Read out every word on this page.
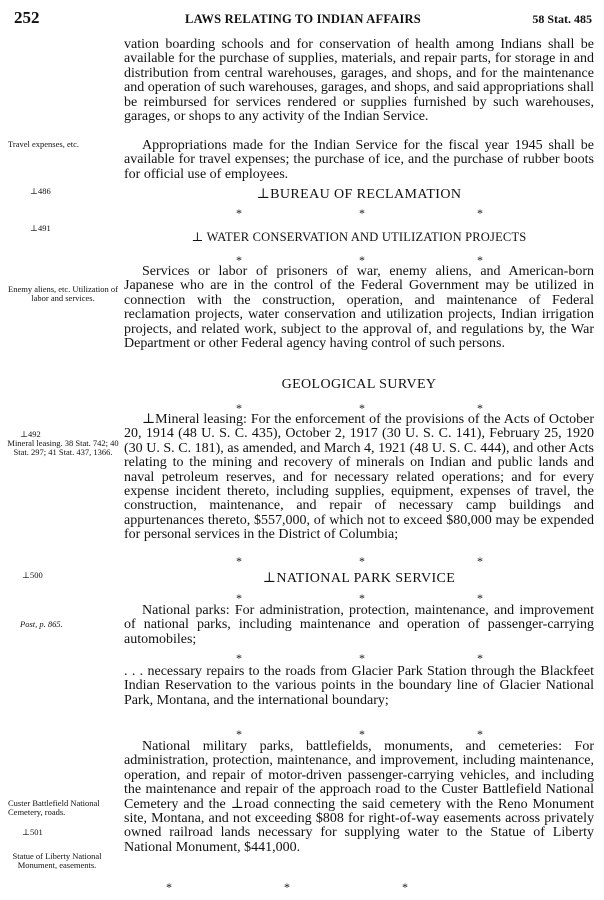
252	LAWS RELATING TO INDIAN AFFAIRS	58 Stat. 485
Travel expenses, etc.
⊥486
⊥491
Enemy aliens, etc. Utilization of labor and services.
⊥492
Mineral leasing. 38 Stat. 742; 40 Stat. 297; 41 Stat. 437, 1366.
⊥500
Post, p. 865.
Custer Battlefield National Cemetery, roads.
⊥501
Statue of Liberty National Monument, easements.
vation boarding schools and for conservation of health among Indians shall be available for the purchase of supplies, materials, and repair parts, for storage in and distribution from central warehouses, garages, and shops, and for the maintenance and operation of such warehouses, garages, and shops, and said appropriations shall be reimbursed for services rendered or supplies furnished by such warehouses, garages, or shops to any activity of the Indian Service.
Appropriations made for the Indian Service for the fiscal year 1945 shall be available for travel expenses; the purchase of ice, and the purchase of rubber boots for official use of employees.
⊥BUREAU OF RECLAMATION
*	*	*
⊥ WATER CONSERVATION AND UTILIZATION PROJECTS
*	*	*
Services or labor of prisoners of war, enemy aliens, and American-born Japanese who are in the control of the Federal Government may be utilized in connection with the construction, operation, and maintenance of Federal reclamation projects, water conservation and utilization projects, Indian irrigation projects, and related work, subject to the approval of, and regulations by, the War Department or other Federal agency having control of such persons.
GEOLOGICAL SURVEY
*	*	*
⊥Mineral leasing: For the enforcement of the provisions of the Acts of October 20, 1914 (48 U. S. C. 435), October 2, 1917 (30 U. S. C. 141), February 25, 1920 (30 U. S. C. 181), as amended, and March 4, 1921 (48 U. S. C. 444), and other Acts relating to the mining and recovery of minerals on Indian and public lands and naval petroleum reserves, and for necessary related operations; and for every expense incident thereto, including supplies, equipment, expenses of travel, the construction, maintenance, and repair of necessary camp buildings and appurtenances thereto, $557,000, of which not to exceed $80,000 may be expended for personal services in the District of Columbia;
*	*	*
⊥NATIONAL PARK SERVICE
*	*	*
National parks: For administration, protection, maintenance, and improvement of national parks, including maintenance and operation of passenger-carrying automobiles;
*	*	*
. . . necessary repairs to the roads from Glacier Park Station through the Blackfeet Indian Reservation to the various points in the boundary line of Glacier National Park, Montana, and the international boundary;
*	*	*
National military parks, battlefields, monuments, and cemeteries: For administration, protection, maintenance, and improvement, including maintenance, operation, and repair of motor-driven passenger-carrying vehicles, and including the maintenance and repair of the approach road to the Custer Battlefield National Cemetery and the ⊥road connecting the said cemetery with the Reno Monument site, Montana, and not exceeding $808 for right-of-way easements across privately owned railroad lands necessary for supplying water to the Statue of Liberty National Monument, $441,000.
*	*	*
